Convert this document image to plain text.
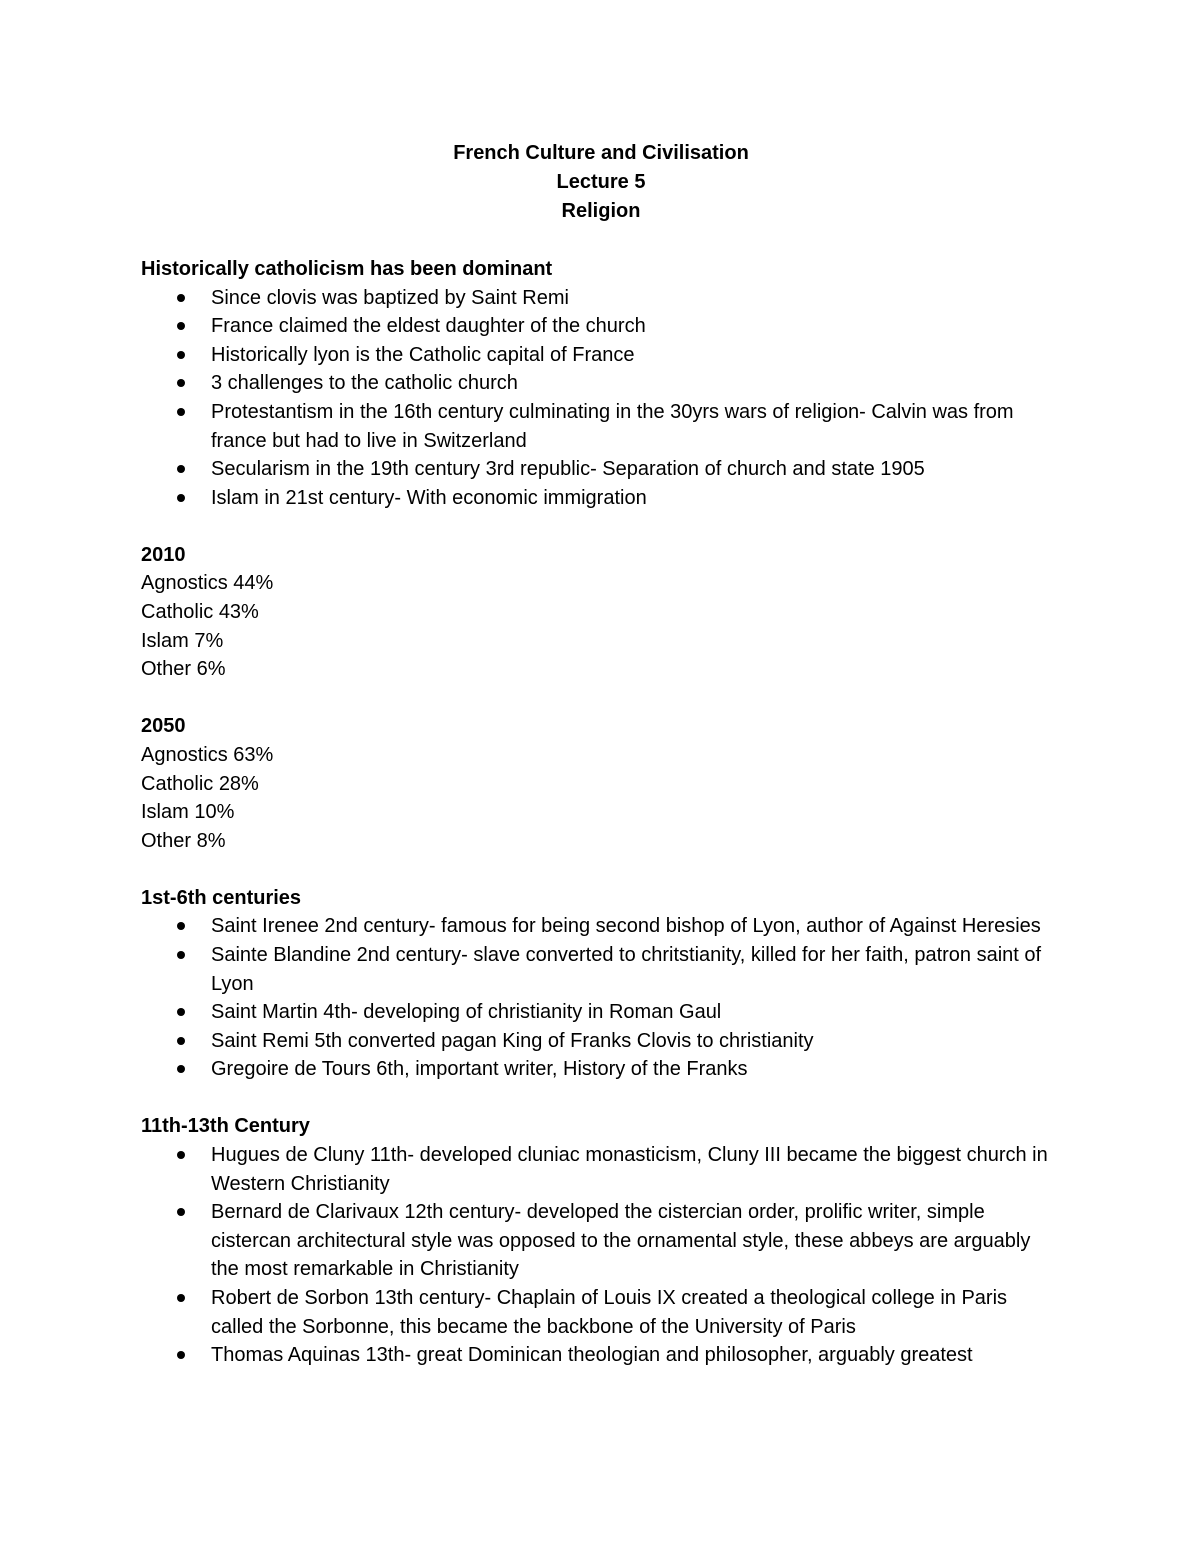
French Culture and Civilisation
Lecture 5
Religion

Historically catholicism has been dominant

Since clovis was baptized by Saint Remi
France claimed the eldest daughter of the church
Historically lyon is the Catholic capital of France
3 challenges to the catholic church
Protestantism in the 16th century culminating in the 30yrs wars of religion- Calvin was from france but had to live in Switzerland
Secularism in the 19th century 3rd republic- Separation of church and state 1905
Islam in 21st century- With economic immigration

2010

Agnostics 44%

Catholic 43%

Islam 7%

Other 6%

2050

Agnostics 63%

Catholic 28%

Islam 10%

Other 8%

1st-6th centuries

Saint Irenee 2nd century- famous for being second bishop of Lyon, author of Against Heresies
Sainte Blandine 2nd century- slave converted to chritstianity, killed for her faith, patron saint of Lyon
Saint Martin 4th- developing of christianity in Roman Gaul
Saint Remi 5th converted pagan King of Franks Clovis to christianity
Gregoire de Tours 6th, important writer, History of the Franks

11th-13th Century

Hugues de Cluny 11th- developed cluniac monasticism, Cluny III became the biggest church in Western Christianity
Bernard de Clarivaux 12th century- developed the cistercian order, prolific writer, simple cistercan architectural style was opposed to the ornamental style, these abbeys are arguably the most remarkable in Christianity
Robert de Sorbon 13th century- Chaplain of Louis IX created a theological college in Paris called the Sorbonne, this became the backbone of the University of Paris
Thomas Aquinas 13th- great Dominican theologian and philosopher, arguably greatest
